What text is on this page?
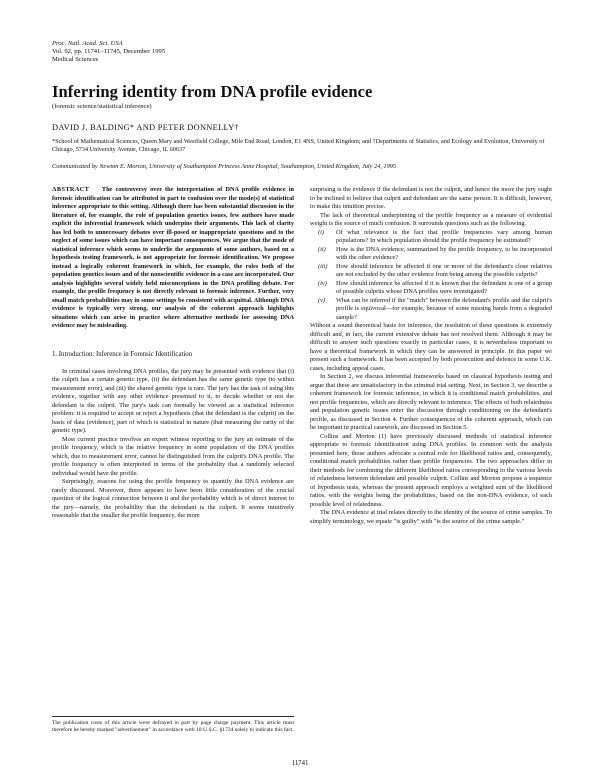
Proc. Natl. Acad. Sci. USA
Vol. 92, pp. 11741–11745, December 1995
Medical Sciences
Inferring identity from DNA profile evidence
(forensic science/statistical inference)
DAVID J. BALDING* AND PETER DONNELLY†
*School of Mathematical Sciences, Queen Mary and Westfield College, Mile End Road, London, E1 4NS, United Kingdom; and †Departments of Statistics, and Ecology and Evolution, University of Chicago, 5734 University Avenue, Chicago, IL 60637
Communicated by Newton E. Morton, University of Southampton Princess Anne Hospital, Southampton, United Kingdom, July 24, 1995

ABSTRACT The controversy over the interpretation of DNA profile evidence in forensic identification can be attributed in part to confusion over the mode(s) of statistical inference appropriate to this setting. Although there has been substantial discussion in the literature of, for example, the role of population genetics issues, few authors have made explicit the inferential framework which underpins their arguments. This lack of clarity has led both to unnecessary debates over ill-posed or inappropriate questions and to the neglect of some issues which can have important consequences. We argue that the mode of statistical inference which seems to underlie the arguments of some authors, based on a hypothesis testing framework, is not appropriate for forensic identification. We propose instead a logically coherent framework in which, for example, the roles both of the population genetics issues and of the nonscientific evidence in a case are incorporated. Our analysis highlights several widely held misconceptions in the DNA profiling debate. For example, the profile frequency is not directly relevant to forensic inference. Further, very small match probabilities may in some settings be consistent with acquittal. Although DNA evidence is typically very strong, our analysis of the coherent approach highlights situations which can arise in practice where alternative methods for assessing DNA evidence may be misleading.

1. Introduction: Inference in Forensic Identification

In criminal cases involving DNA profiles, the jury may be presented with evidence that (i) the culprit has a certain genetic type, (ii) the defendant has the same genetic type (to within measurement error), and (iii) the shared genetic type is rare. The jury has the task of using this evidence, together with any other evidence presented to it, to decide whether or not the defendant is the culprit. The jury's task can formally be viewed as a statistical inference problem: it is required to accept or reject a hypothesis (that the defendant is the culprit) on the basis of data (evidence), part of which is statistical in nature (that measuring the rarity of the genetic type).

Most current practice involves an expert witness reporting to the jury an estimate of the profile frequency, which is the relative frequency in some population of the DNA profiles which, due to measurement error, cannot be distinguished from the culprit's DNA profile. The profile frequency is often interpreted in terms of the probability that a randomly selected individual would have the profile.

Surprisingly, reasons for using the profile frequency to quantify the DNA evidence are rarely discussed. Moreover, there appears to have been little consideration of the crucial question of the logical connection between it and the probability which is of direct interest to the jury—namely, the probability that the defendant is the culprit. It seems intuitively reasonable that the smaller the profile frequency, the more

surprising is the evidence if the defendant is not the culprit, and hence the more the jury ought to be inclined to believe that culprit and defendant are the same person. It is difficult, however, to make this intuition precise.

The lack of theoretical underpinning of the profile frequency as a measure of evidential weight is the source of much confusion. It surrounds questions such as the following.

(i) Of what relevance is the fact that profile frequencies vary among human populations? In which population should the profile frequency be estimated?
(ii) How is the DNA evidence, summarized by the profile frequency, to be incorporated with the other evidence?
(iii) How should inference be affected if one or more of the defendant's close relatives are not excluded by the other evidence from being among the possible culprits?
(iv) How should inference be affected if it is known that the defendant is one of a group of possible culprits whose DNA profiles were investigated?
(v) What can be inferred if the "match" between the defendant's profile and the culprit's profile is equivocal—for example, because of some missing bands from a degraded sample?

Without a sound theoretical basis for inference, the resolution of these questions is extremely difficult and, in fact, the current extensive debate has not resolved them. Although it may be difficult to answer such questions exactly in particular cases, it is nevertheless important to have a theoretical framework in which they can be answered in principle. In this paper we present such a framework. It has been accepted by both prosecution and defence in some U.K. cases, including appeal cases.

In Section 2, we discuss inferential frameworks based on classical hypothesis testing and argue that these are unsatisfactory in the criminal trial setting. Next, in Section 3, we describe a coherent framework for forensic inference, in which it is conditional match probabilities, and not profile frequencies, which are directly relevant to inference. The effects of both relatedness and population genetic issues enter the discussion through conditioning on the defendant's profile, as discussed in Section 4. Further consequences of the coherent approach, which can be important in practical casework, are discussed in Section 5.

Collins and Morton (1) have previously discussed methods of statistical inference appropriate to forensic identification using DNA profiles. In common with the analysis presented here, those authors advocate a central role for likelihood ratios and, consequently, conditional match probabilities rather than profile frequencies. The two approaches differ in their methods for combining the different likelihood ratios corresponding to the various levels of relatedness between defendant and possible culprit. Collins and Morton propose a sequence of hypothesis tests, whereas the present approach employs a weighted sum of the likelihood ratios, with the weights being the probabilities, based on the non-DNA evidence, of each possible level of relatedness.

The DNA evidence at trial relates directly to the identity of the source of crime samples. To simplify terminology, we equate "is guilty" with "is the source of the crime sample."

The publication costs of this article were defrayed in part by page charge payment. This article must therefore be hereby marked "advertisement" in accordance with 18 U.S.C. §1734 solely to indicate this fact.

11741
